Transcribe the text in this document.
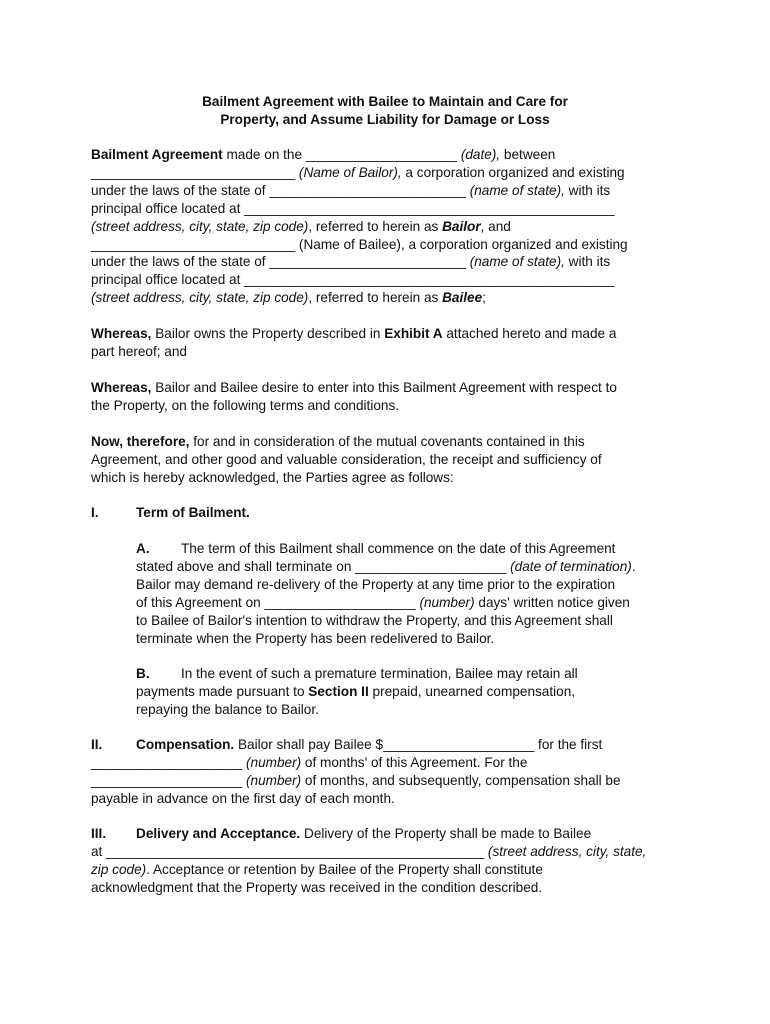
Bailment Agreement with Bailee to Maintain and Care for
Property, and Assume Liability for Damage or Loss
Bailment Agreement made on the ____________________ (date), between
___________________________ (Name of Bailor), a corporation organized and existing
under the laws of the state of __________________________ (name of state), with its
principal office located at _________________________________________________
(street address, city, state, zip code), referred to herein as Bailor, and
___________________________ (Name of Bailee), a corporation organized and existing
under the laws of the state of __________________________ (name of state), with its
principal office located at _________________________________________________
(street address, city, state, zip code), referred to herein as Bailee;
Whereas, Bailor owns the Property described in Exhibit A attached hereto and made a
part hereof; and
Whereas, Bailor and Bailee desire to enter into this Bailment Agreement with respect to
the Property, on the following terms and conditions.
Now, therefore, for and in consideration of the mutual covenants contained in this
Agreement, and other good and valuable consideration, the receipt and sufficiency of
which is hereby acknowledged, the Parties agree as follows:
I.	Term of Bailment.
A. The term of this Bailment shall commence on the date of this Agreement
stated above and shall terminate on ____________________ (date of termination).
Bailor may demand re-delivery of the Property at any time prior to the expiration
of this Agreement on ____________________ (number) days' written notice given
to Bailee of Bailor's intention to withdraw the Property, and this Agreement shall
terminate when the Property has been redelivered to Bailor.
B. In the event of such a premature termination, Bailee may retain all
payments made pursuant to Section II prepaid, unearned compensation,
repaying the balance to Bailor.
II. Compensation. Bailor shall pay Bailee $____________________ for the first
____________________ (number) of months' of this Agreement. For the
____________________ (number) of months, and subsequently, compensation shall be
payable in advance on the first day of each month.
III. Delivery and Acceptance. Delivery of the Property shall be made to Bailee
at __________________________________________________ (street address, city, state,
zip code). Acceptance or retention by Bailee of the Property shall constitute
acknowledgment that the Property was received in the condition described.
